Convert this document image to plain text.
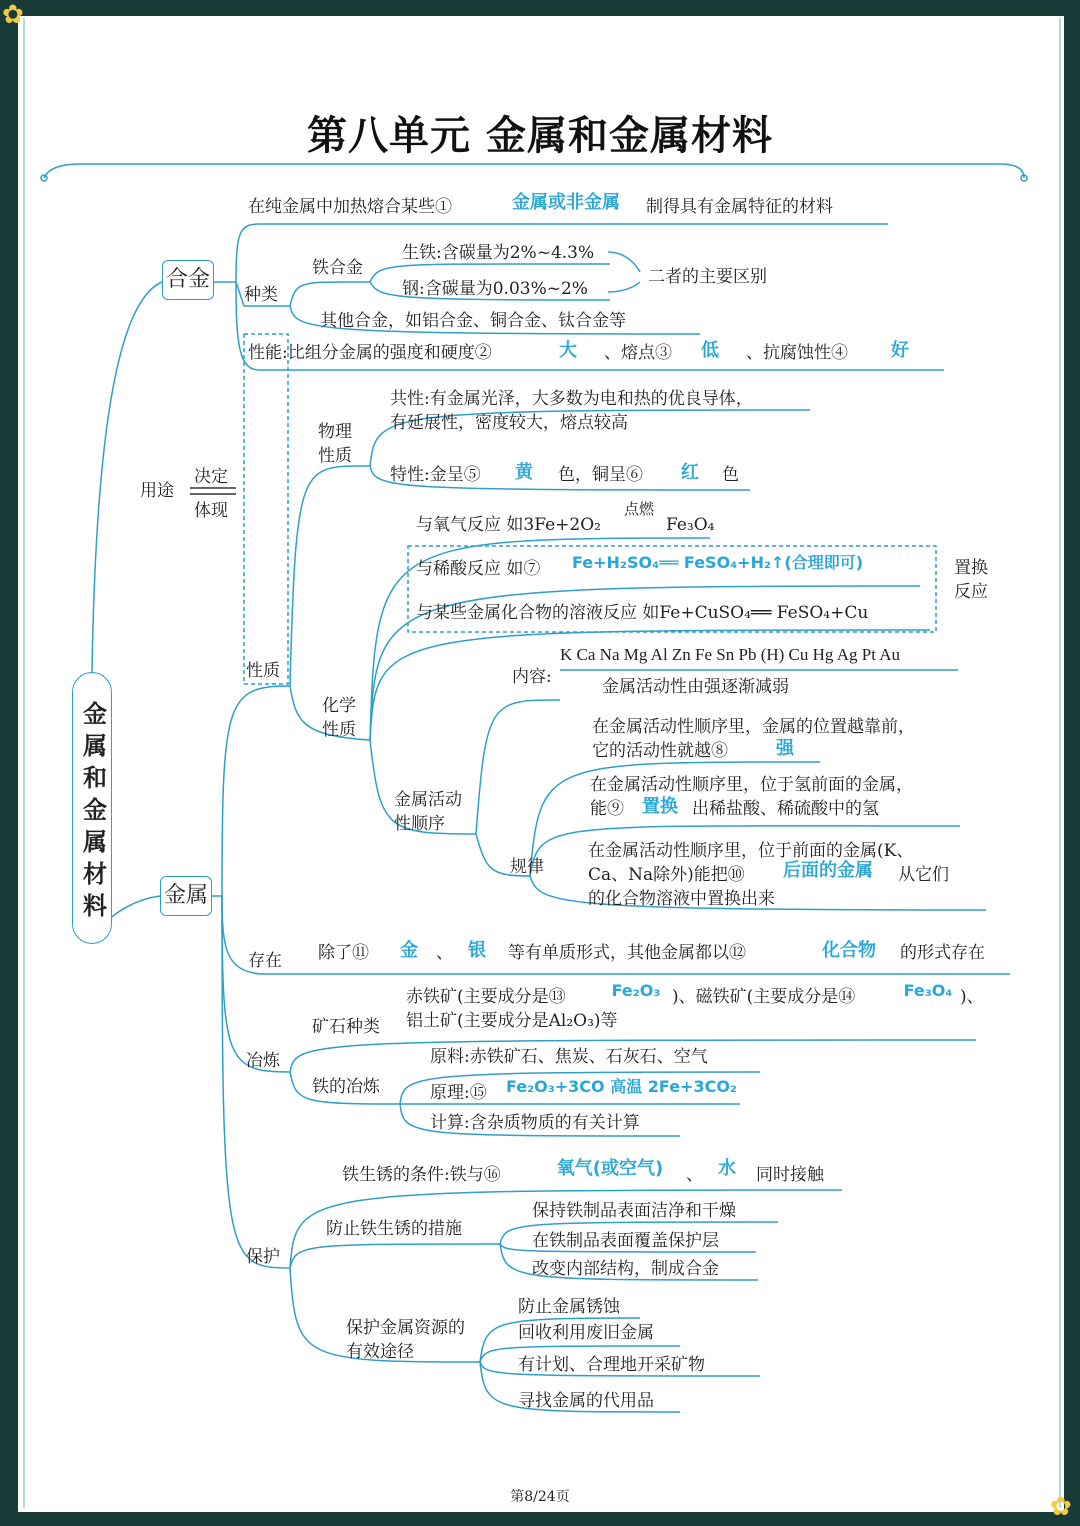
✿
✿
第八单元 金属和金属材料
金属和金属材料
合金
金属
在纯金属中加热熔合某些①	金属或非金属	制得具有金属特征的材料
种类
铁合金
生铁:含碳量为2%~4.3%
钢:含碳量为0.03%~2%
二者的主要区别
其他合金，如铝合金、铜合金、钛合金等
性能:比组分金属的强度和硬度②	大	、熔点③	低	、抗腐蚀性④	好
用途
决定
体现
性质
物理性质
共性:有金属光泽，大多数为电和热的优良导体，
有延展性，密度较大，熔点较高
特性:金呈⑤	黄	色，铜呈⑥	红	色
化学性质
与氧气反应 如3Fe+2O₂
点燃
Fe₃O₄
与稀酸反应 如⑦ Fe+H₂SO₄══ FeSO₄+H₂↑(合理即可)
与某些金属化合物的溶液反应 如Fe+CuSO₄══ FeSO₄+Cu
置换反应
金属活动性顺序
内容:
K Ca Na Mg Al Zn Fe Sn Pb (H) Cu Hg Ag Pt Au
金属活动性由强逐渐减弱
规律
在金属活动性顺序里，金属的位置越靠前，
它的活动性就越⑧	强
在金属活动性顺序里，位于氢前面的金属，
能⑨	置换 出稀盐酸、稀硫酸中的氢
在金属活动性顺序里，位于前面的金属(K、
Ca、Na除外)能把⑩	后面的金属	从它们
的化合物溶液中置换出来
存在 除了⑪	金	、 银	等有单质形式，其他金属都以⑫	化合物	的形式存在
冶炼
矿石种类
赤铁矿(主要成分是⑬	Fe₂O₃ )、磁铁矿(主要成分是⑭	Fe₃O₄ )、
铝土矿(主要成分是Al₂O₃)等
铁的冶炼
原料:赤铁矿石、焦炭、石灰石、空气
原理:⑮ Fe₂O₃+3CO 高温 2Fe+3CO₂
计算:含杂质物质的有关计算
保护
铁生锈的条件:铁与⑯	氧气(或空气)	、 水	同时接触
防止铁生锈的措施
保持铁制品表面洁净和干燥
在铁制品表面覆盖保护层
改变内部结构，制成合金
保护金属资源的有效途径
防止金属锈蚀
回收利用废旧金属
有计划、合理地开采矿物
寻找金属的代用品
第8/24页
